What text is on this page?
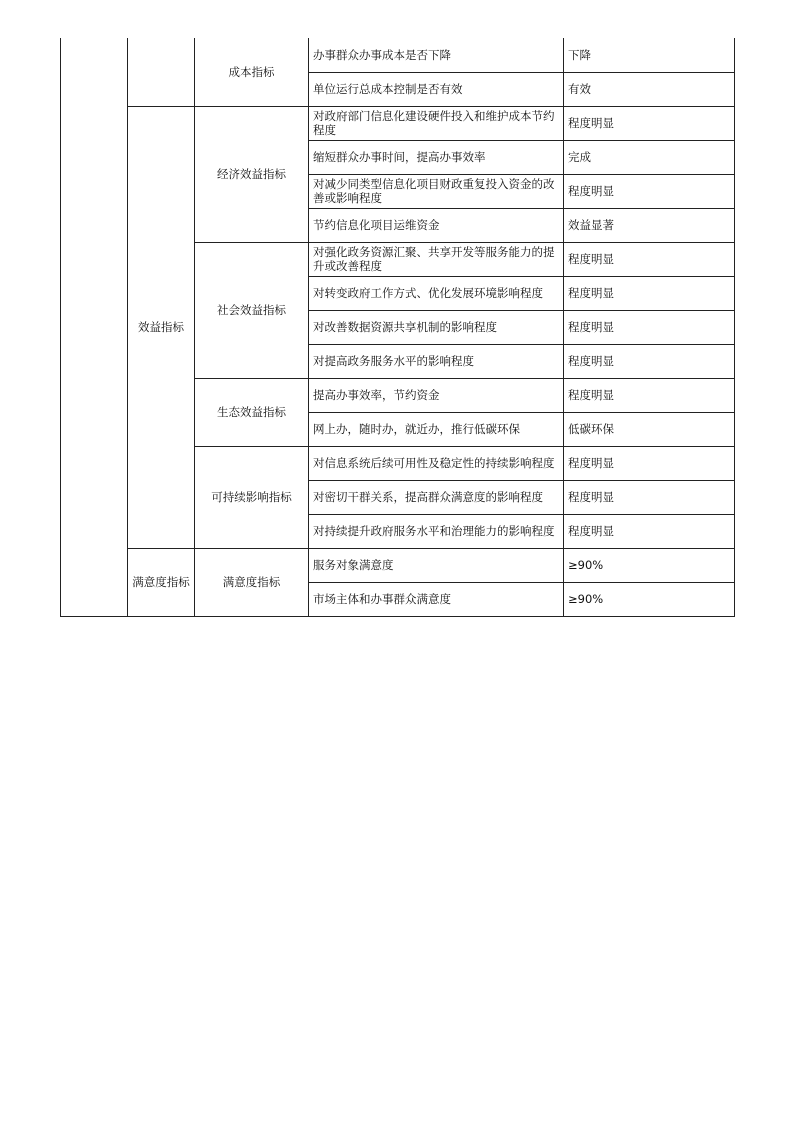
		成本指标	办事群众办事成本是否下降	下降
			单位运行总成本控制是否有效	有效
	效益指标	经济效益指标	对政府部门信息化建设硬件投入和维护成本节约程度	程度明显
			缩短群众办事时间，提高办事效率	完成
			对减少同类型信息化项目财政重复投入资金的改善或影响程度	程度明显
			节约信息化项目运维资金	效益显著
		社会效益指标	对强化政务资源汇聚、共享开发等服务能力的提升或改善程度	程度明显
			对转变政府工作方式、优化发展环境影响程度	程度明显
			对改善数据资源共享机制的影响程度	程度明显
			对提高政务服务水平的影响程度	程度明显
		生态效益指标	提高办事效率，节约资金	程度明显
			网上办，随时办，就近办，推行低碳环保	低碳环保
		可持续影响指标	对信息系统后续可用性及稳定性的持续影响程度	程度明显
			对密切干群关系，提高群众满意度的影响程度	程度明显
			对持续提升政府服务水平和治理能力的影响程度	程度明显
	满意度指标	满意度指标	服务对象满意度	≥90%
			市场主体和办事群众满意度	≥90%
